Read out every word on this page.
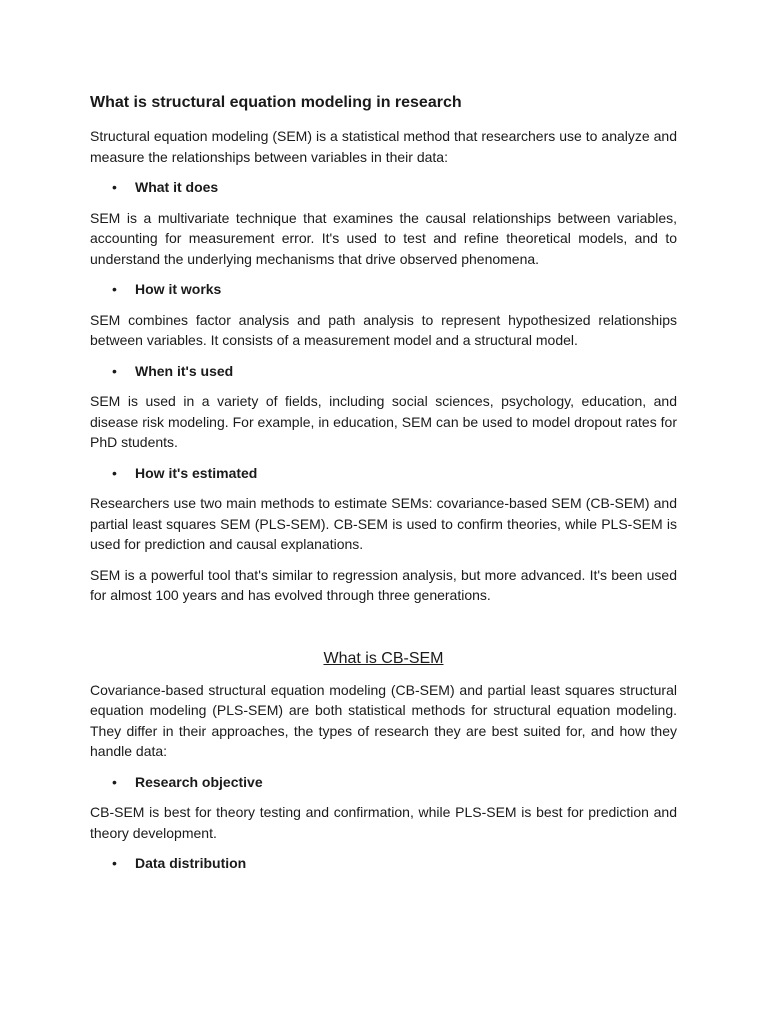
What is structural equation modeling in research

Structural equation modeling (SEM) is a statistical method that researchers use to analyze and measure the relationships between variables in their data:

•	What it does

SEM is a multivariate technique that examines the causal relationships between variables, accounting for measurement error. It's used to test and refine theoretical models, and to understand the underlying mechanisms that drive observed phenomena.

•	How it works

SEM combines factor analysis and path analysis to represent hypothesized relationships between variables. It consists of a measurement model and a structural model.

•	When it's used

SEM is used in a variety of fields, including social sciences, psychology, education, and disease risk modeling. For example, in education, SEM can be used to model dropout rates for PhD students.

•	How it's estimated

Researchers use two main methods to estimate SEMs: covariance-based SEM (CB-SEM) and partial least squares SEM (PLS-SEM). CB-SEM is used to confirm theories, while PLS-SEM is used for prediction and causal explanations.

SEM is a powerful tool that's similar to regression analysis, but more advanced. It's been used for almost 100 years and has evolved through three generations.

What is CB-SEM

Covariance-based structural equation modeling (CB-SEM) and partial least squares structural equation modeling (PLS-SEM) are both statistical methods for structural equation modeling. They differ in their approaches, the types of research they are best suited for, and how they handle data:

•	Research objective

CB-SEM is best for theory testing and confirmation, while PLS-SEM is best for prediction and theory development.

•	Data distribution
